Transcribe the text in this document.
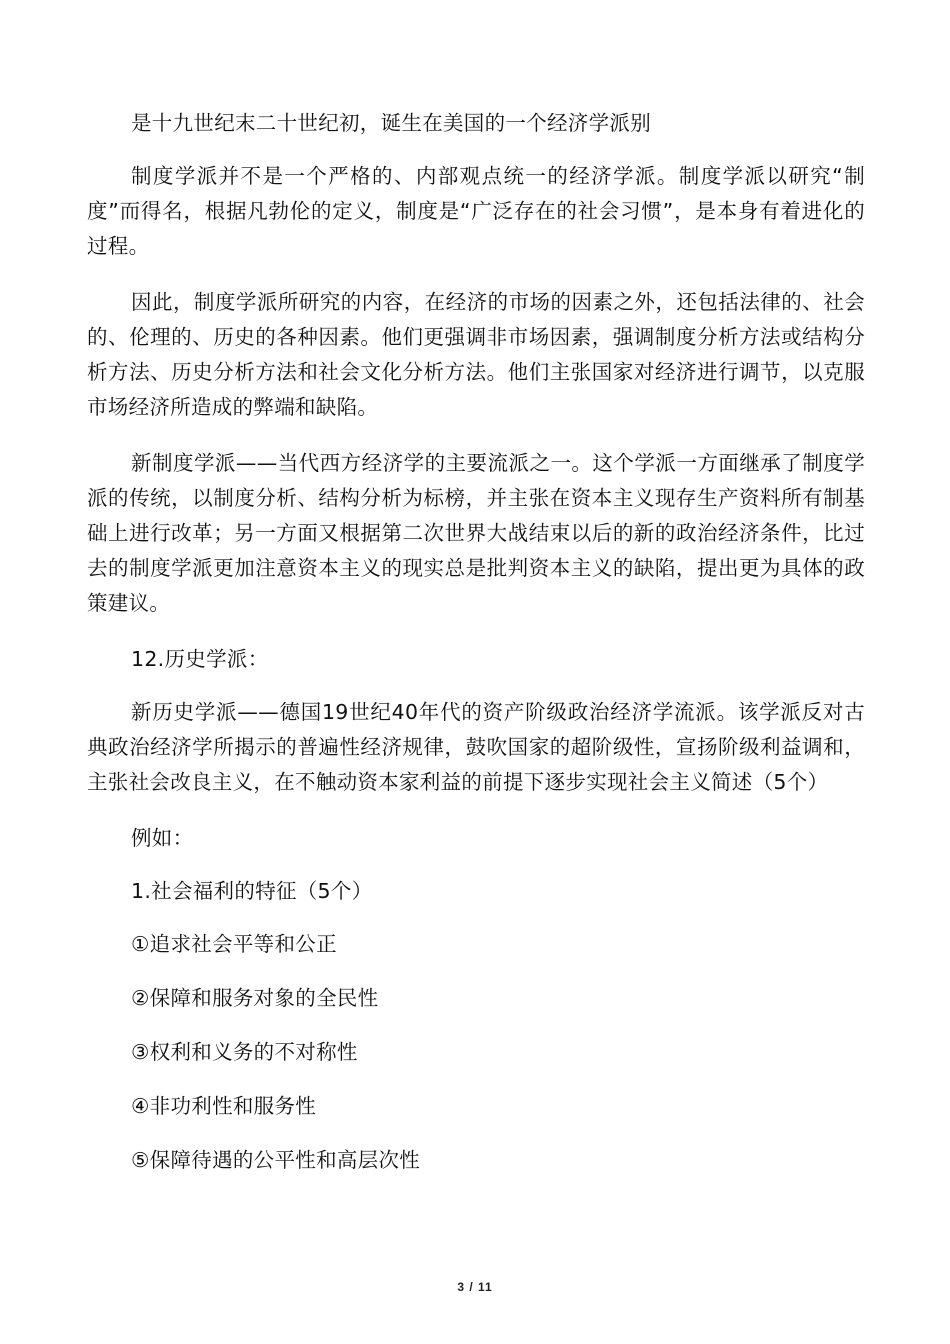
是十九世纪末二十世纪初，诞生在美国的一个经济学派别

制度学派并不是一个严格的、内部观点统一的经济学派。制度学派以研究“制度”而得名，根据凡勃伦的定义，制度是“广泛存在的社会习惯”，是本身有着进化的过程。

因此，制度学派所研究的内容，在经济的市场的因素之外，还包括法律的、社会的、伦理的、历史的各种因素。他们更强调非市场因素，强调制度分析方法或结构分析方法、历史分析方法和社会文化分析方法。他们主张国家对经济进行调节，以克服市场经济所造成的弊端和缺陷。

新制度学派——当代西方经济学的主要流派之一。这个学派一方面继承了制度学派的传统，以制度分析、结构分析为标榜，并主张在资本主义现存生产资料所有制基础上进行改革；另一方面又根据第二次世界大战结束以后的新的政治经济条件，比过去的制度学派更加注意资本主义的现实总是批判资本主义的缺陷，提出更为具体的政策建议。

12.历史学派：

新历史学派——德国19世纪40年代的资产阶级政治经济学流派。该学派反对古典政治经济学所揭示的普遍性经济规律，鼓吹国家的超阶级性，宣扬阶级利益调和，主张社会改良主义，在不触动资本家利益的前提下逐步实现社会主义简述（5个）

例如：

1.社会福利的特征（5个）

①追求社会平等和公正
②保障和服务对象的全民性
③权利和义务的不对称性
④非功利性和服务性
⑤保障待遇的公平性和高层次性
3 / 11
